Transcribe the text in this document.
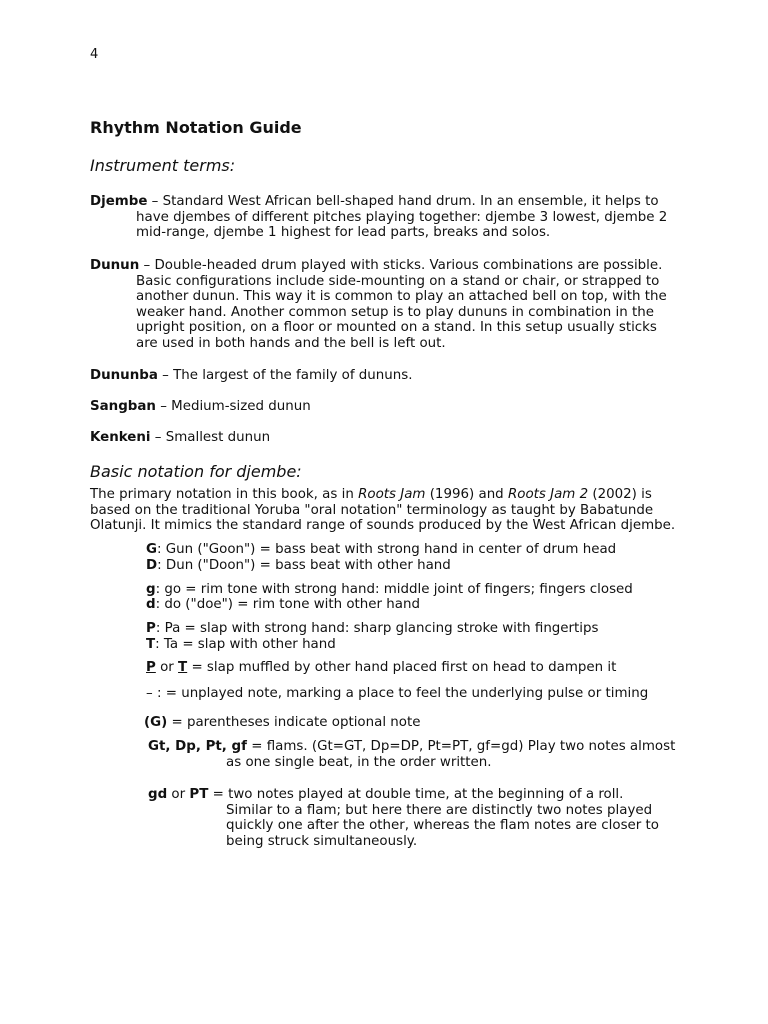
4
Rhythm Notation Guide
Instrument terms:
Djembe – Standard West African bell-shaped hand drum. In an ensemble, it helps to
have djembes of different pitches playing together: djembe 3 lowest, djembe 2
mid-range, djembe 1 highest for lead parts, breaks and solos.
Dunun – Double-headed drum played with sticks. Various combinations are possible.
Basic configurations include side-mounting on a stand or chair, or strapped to
another dunun. This way it is common to play an attached bell on top, with the
weaker hand. Another common setup is to play dununs in combination in the
upright position, on a floor or mounted on a stand. In this setup usually sticks
are used in both hands and the bell is left out.
Dununba – The largest of the family of dununs.
Sangban – Medium-sized dunun
Kenkeni – Smallest dunun
Basic notation for djembe:
The primary notation in this book, as in Roots Jam (1996) and Roots Jam 2 (2002) is
based on the traditional Yoruba "oral notation" terminology as taught by Babatunde
Olatunji. It mimics the standard range of sounds produced by the West African djembe.
G: Gun ("Goon") = bass beat with strong hand in center of drum head
D: Dun ("Doon") = bass beat with other hand
g: go = rim tone with strong hand: middle joint of fingers; fingers closed
d: do ("doe") = rim tone with other hand
P: Pa = slap with strong hand: sharp glancing stroke with fingertips
T: Ta = slap with other hand
P or T = slap muffled by other hand placed first on head to dampen it
– : = unplayed note, marking a place to feel the underlying pulse or timing
(G) = parentheses indicate optional note
Gt, Dp, Pt, gf = flams. (Gt=GT, Dp=DP, Pt=PT, gf=gd) Play two notes almost
as one single beat, in the order written.
gd or PT = two notes played at double time, at the beginning of a roll.
Similar to a flam; but here there are distinctly two notes played
quickly one after the other, whereas the flam notes are closer to
being struck simultaneously.
